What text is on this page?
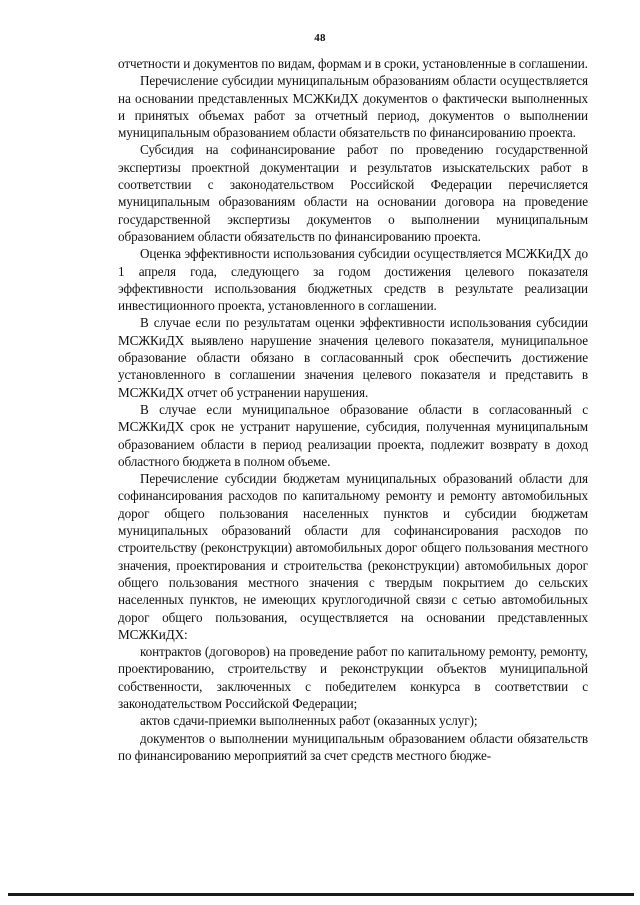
48

отчетности и документов по видам, формам и в сроки, установленные в соглашении.

Перечисление субсидии муниципальным образованиям области осуществляется на основании представленных МСЖКиДХ документов о фактически выполненных и принятых объемах работ за отчетный период, документов о выполнении муниципальным образованием области обязательств по финансированию проекта.

Субсидия на софинансирование работ по проведению государственной экспертизы проектной документации и результатов изыскательских работ в соответствии с законодательством Российской Федерации перечисляется муниципальным образованиям области на основании договора на проведение государственной экспертизы документов о выполнении муниципальным образованием области обязательств по финансированию проекта.

Оценка эффективности использования субсидии осуществляется МСЖКиДХ до 1 апреля года, следующего за годом достижения целевого показателя эффективности использования бюджетных средств в результате реализации инвестиционного проекта, установленного в соглашении.

В случае если по результатам оценки эффективности использования субсидии МСЖКиДХ выявлено нарушение значения целевого показателя, муниципальное образование области обязано в согласованный срок обеспечить достижение установленного в соглашении значения целевого показателя и представить в МСЖКиДХ отчет об устранении нарушения.

В случае если муниципальное образование области в согласованный с МСЖКиДХ срок не устранит нарушение, субсидия, полученная муниципальным образованием области в период реализации проекта, подлежит возврату в доход областного бюджета в полном объеме.

Перечисление субсидии бюджетам муниципальных образований области для софинансирования расходов по капитальному ремонту и ремонту автомобильных дорог общего пользования населенных пунктов и субсидии бюджетам муниципальных образований области для софинансирования расходов по строительству (реконструкции) автомобильных дорог общего пользования местного значения, проектирования и строительства (реконструкции) автомобильных дорог общего пользования местного значения с твердым покрытием до сельских населенных пунктов, не имеющих круглогодичной связи с сетью автомобильных дорог общего пользования, осуществляется на основании представленных МСЖКиДХ:

контрактов (договоров) на проведение работ по капитальному ремонту, ремонту, проектированию, строительству и реконструкции объектов муниципальной собственности, заключенных с победителем конкурса в соответствии с законодательством Российской Федерации;

актов сдачи-приемки выполненных работ (оказанных услуг);

документов о выполнении муниципальным образованием области обязательств по финансированию мероприятий за счет средств местного бюдже-
